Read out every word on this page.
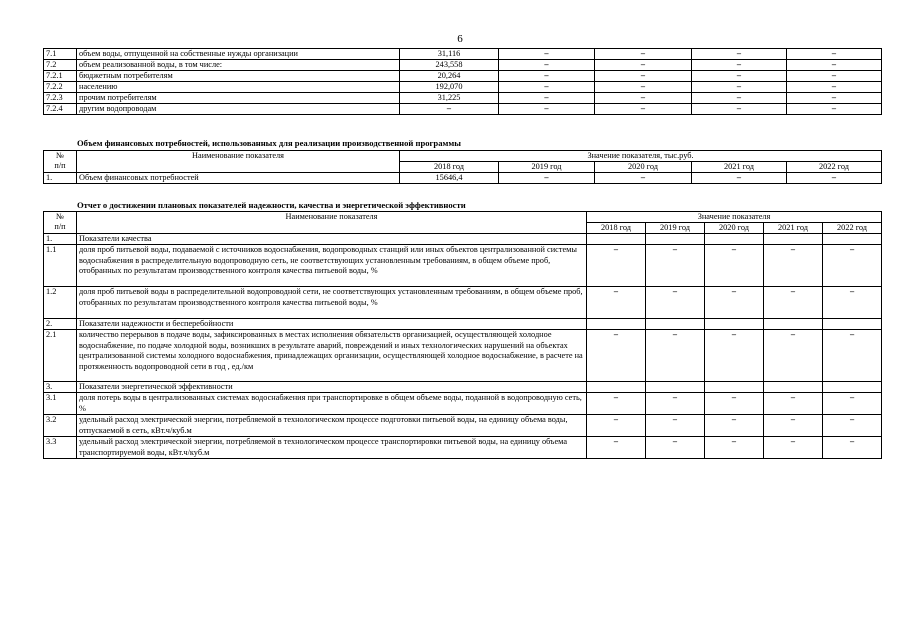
6
7.1	объем воды, отпущенной на собственные нужды организации	31,116	–	–	–	–
7.2	объем реализованной воды, в том числе:	243,558	–	–	–	–
7.2.1	бюджетным потребителям	20,264	–	–	–	–
7.2.2	населению	192,070	–	–	–	–
7.2.3	прочим потребителям	31,225	–	–	–	–
7.2.4	другим водопроводам	–	–	–	–	–
Объем финансовых потребностей, использованных для реализации производственной программы
№
п/п	Наименование показателя	Значение показателя, тыс.руб.				
		2018 год	2019 год	2020 год	2021 год	2022 год
1.	Объем финансовых потребностей	15646,4	–	–	–	–
Отчет о достижении плановых показателей надежности, качества и энергетической эффективности
№
п/п	Наименование показателя	Значение показателя				
		2018 год	2019 год	2020 год	2021 год	2022 год
1.	Показатели качества					
1.1	доля проб питьевой воды, подаваемой с источников водоснабжения, водопроводных станций или иных объектов централизованной системы водоснабжения в распределительную водопроводную сеть, не соответствующих установленным требованиям, в общем объеме проб, отобранных по результатам производственного контроля качества питьевой воды, %	–	–	–	–	–
1.2	доля проб питьевой воды в распределительной водопроводной сети, не соответствующих установленным требованиям, в общем объеме проб, отобранных по результатам производственного контроля качества питьевой воды, %	–	–	–	–	–
2.	Показатели надежности и бесперебойности					
2.1	количество перерывов в подаче воды, зафиксированных в местах исполнения обязательств организацией, осуществляющей холодное водоснабжение, по подаче холодной воды, возникших в результате аварий, повреждений и иных технологических нарушений на объектах централизованной системы холодного водоснабжения, принадлежащих организации, осуществляющей холодное водоснабжение, в расчете на протяженность водопроводной сети в год , ед./км	–	–	–	–	–
3.	Показатели энергетической эффективности					
3.1	доля потерь воды в централизованных системах водоснабжения при транспортировке в общем объеме воды, поданной в водопроводную сеть, %	–	–	–	–	–
3.2	удельный расход электрической энергии, потребляемой в технологическом процессе подготовки питьевой воды, на единицу объема воды, отпускаемой в сеть, кВт.ч/куб.м	–	–	–	–	–
3.3	удельный расход электрической энергии, потребляемой в технологическом процессе транспортировки питьевой воды, на единицу объема транспортируемой воды, кВт.ч/куб.м	–	–	–	–	–
